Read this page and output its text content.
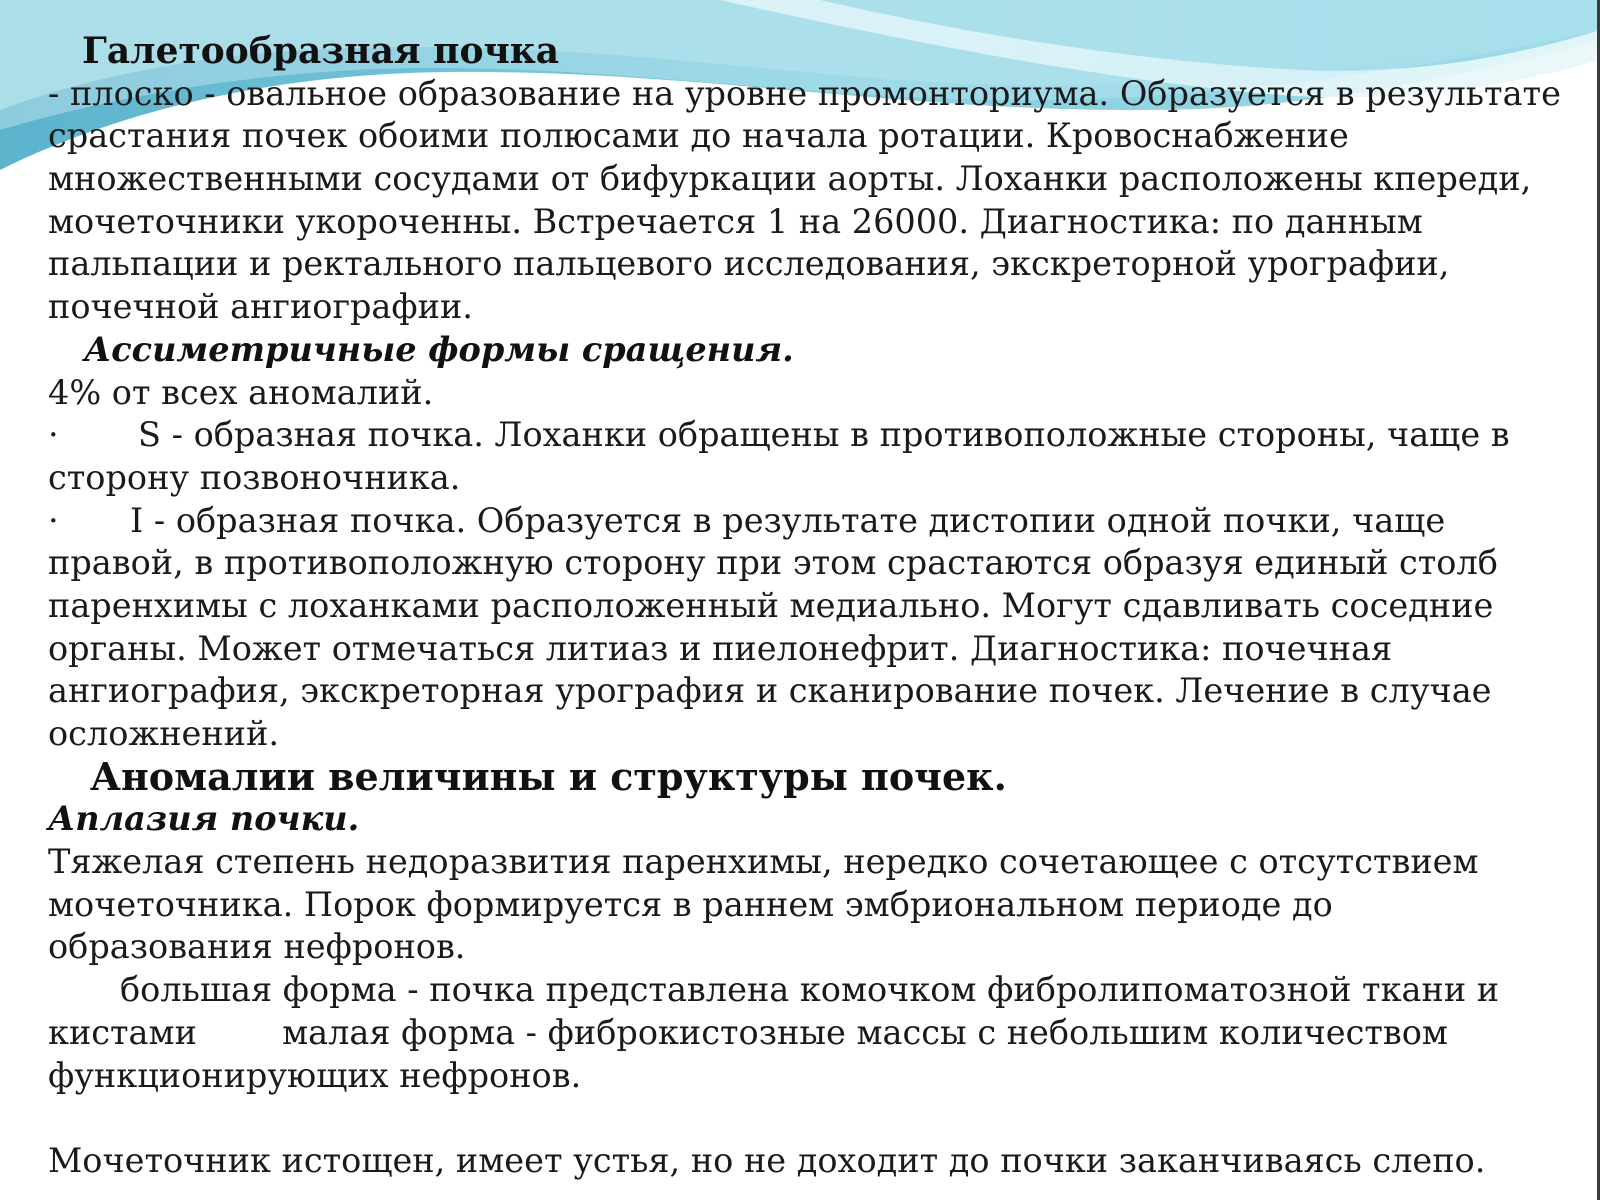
Галетообразная почка
- плоско - овальное образование на уровне промонториума. Образуется в результате
срастания почек обоими полюсами до начала ротации. Кровоснабжение
множественными сосудами от бифуркации аорты. Лоханки расположены кпереди,
мочеточники укороченны. Встречается 1 на 26000. Диагностика: по данным
пальпации и ректального пальцевого исследования, экскреторной урографии,
почечной ангиографии.
Ассиметричные формы сращения.
4% от всех аномалий.
· S - образная почка. Лоханки обращены в противоположные стороны, чаще в
сторону позвоночника.
· I - образная почка. Образуется в результате дистопии одной почки, чаще
правой, в противоположную сторону при этом срастаются образуя единый столб
паренхимы с лоханками расположенный медиально. Могут сдавливать соседние
органы. Может отмечаться литиаз и пиелонефрит. Диагностика: почечная
ангиография, экскреторная урография и сканирование почек. Лечение в случае
осложнений.
Аномалии величины и структуры почек.
Аплазия почки.
Тяжелая степень недоразвития паренхимы, нередко сочетающее с отсутствием
мочеточника. Порок формируется в раннем эмбриональном периоде до
образования нефронов.
большая форма - почка представлена комочком фибролипоматозной ткани и
кистами        малая форма - фиброкистозные массы с небольшим количеством
функционирующих нефронов.
Мочеточник истощен, имеет устья, но не доходит до почки заканчиваясь слепо.
